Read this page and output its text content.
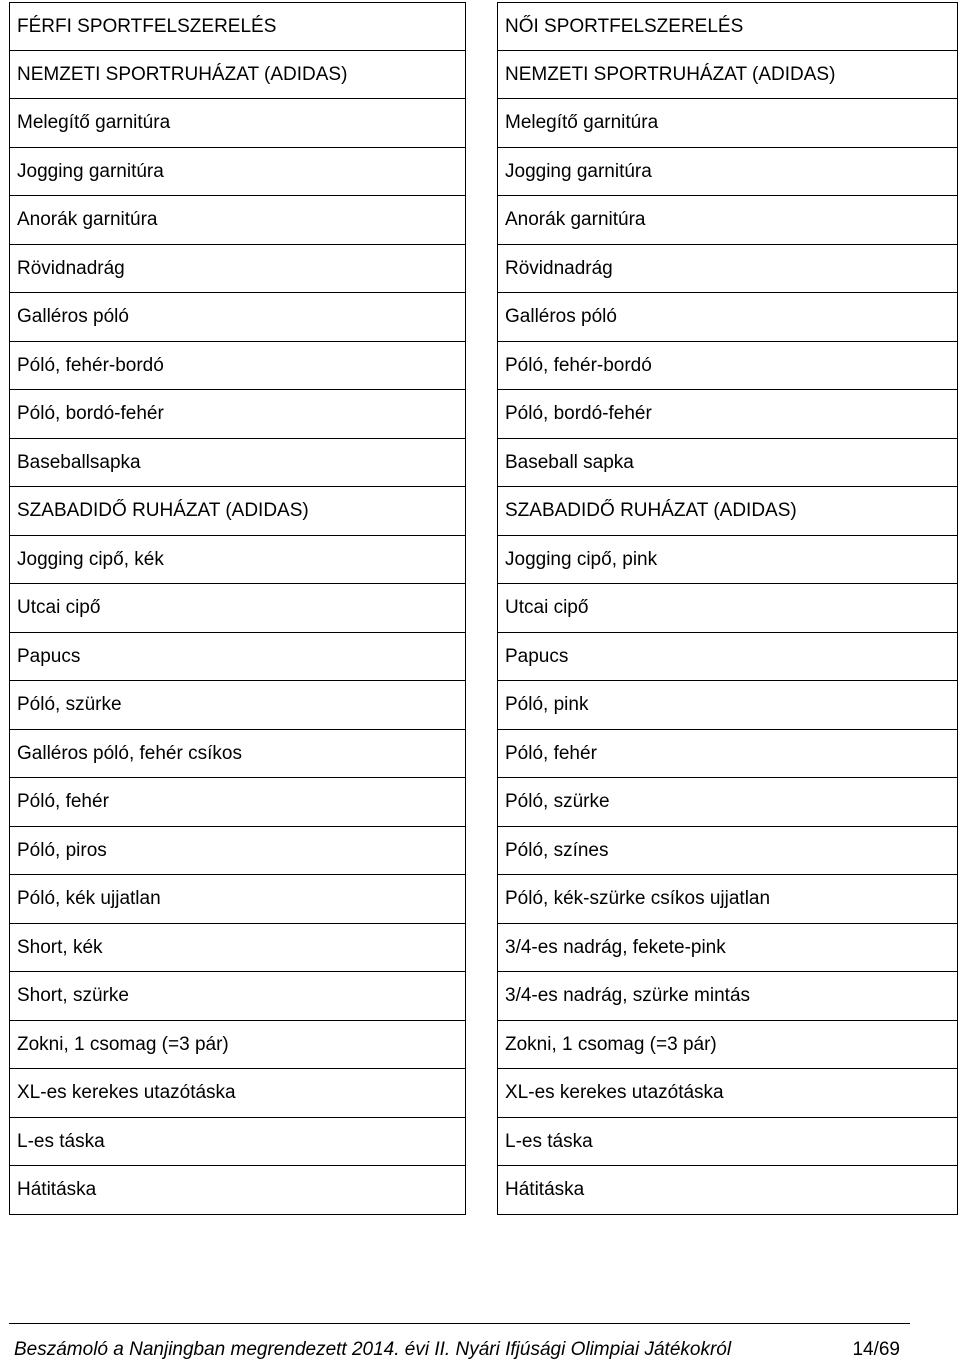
FÉRFI SPORTFELSZERELÉS
NEMZETI SPORTRUHÁZAT (ADIDAS)
Melegítő garnitúra
Jogging garnitúra
Anorák garnitúra
Rövidnadrág
Galléros póló
Póló, fehér-bordó
Póló, bordó-fehér
Baseballsapka
SZABADIDŐ RUHÁZAT (ADIDAS)
Jogging cipő, kék
Utcai cipő
Papucs
Póló, szürke
Galléros póló, fehér csíkos
Póló, fehér
Póló, piros
Póló, kék ujjatlan
Short, kék
Short, szürke
Zokni, 1 csomag (=3 pár)
XL-es kerekes utazótáska
L-es táska
Hátitáska
NŐI SPORTFELSZERELÉS
NEMZETI SPORTRUHÁZAT (ADIDAS)
Melegítő garnitúra
Jogging garnitúra
Anorák garnitúra
Rövidnadrág
Galléros póló
Póló, fehér-bordó
Póló, bordó-fehér
Baseball sapka
SZABADIDŐ RUHÁZAT (ADIDAS)
Jogging cipő, pink
Utcai cipő
Papucs
Póló, pink
Póló, fehér
Póló, szürke
Póló, színes
Póló, kék-szürke csíkos ujjatlan
3/4-es nadrág, fekete-pink
3/4-es nadrág, szürke mintás
Zokni, 1 csomag (=3 pár)
XL-es kerekes utazótáska
L-es táska
Hátitáska
Beszámoló a Nanjingban megrendezett 2014. évi II. Nyári Ifjúsági Olimpiai Játékokról	14/69
